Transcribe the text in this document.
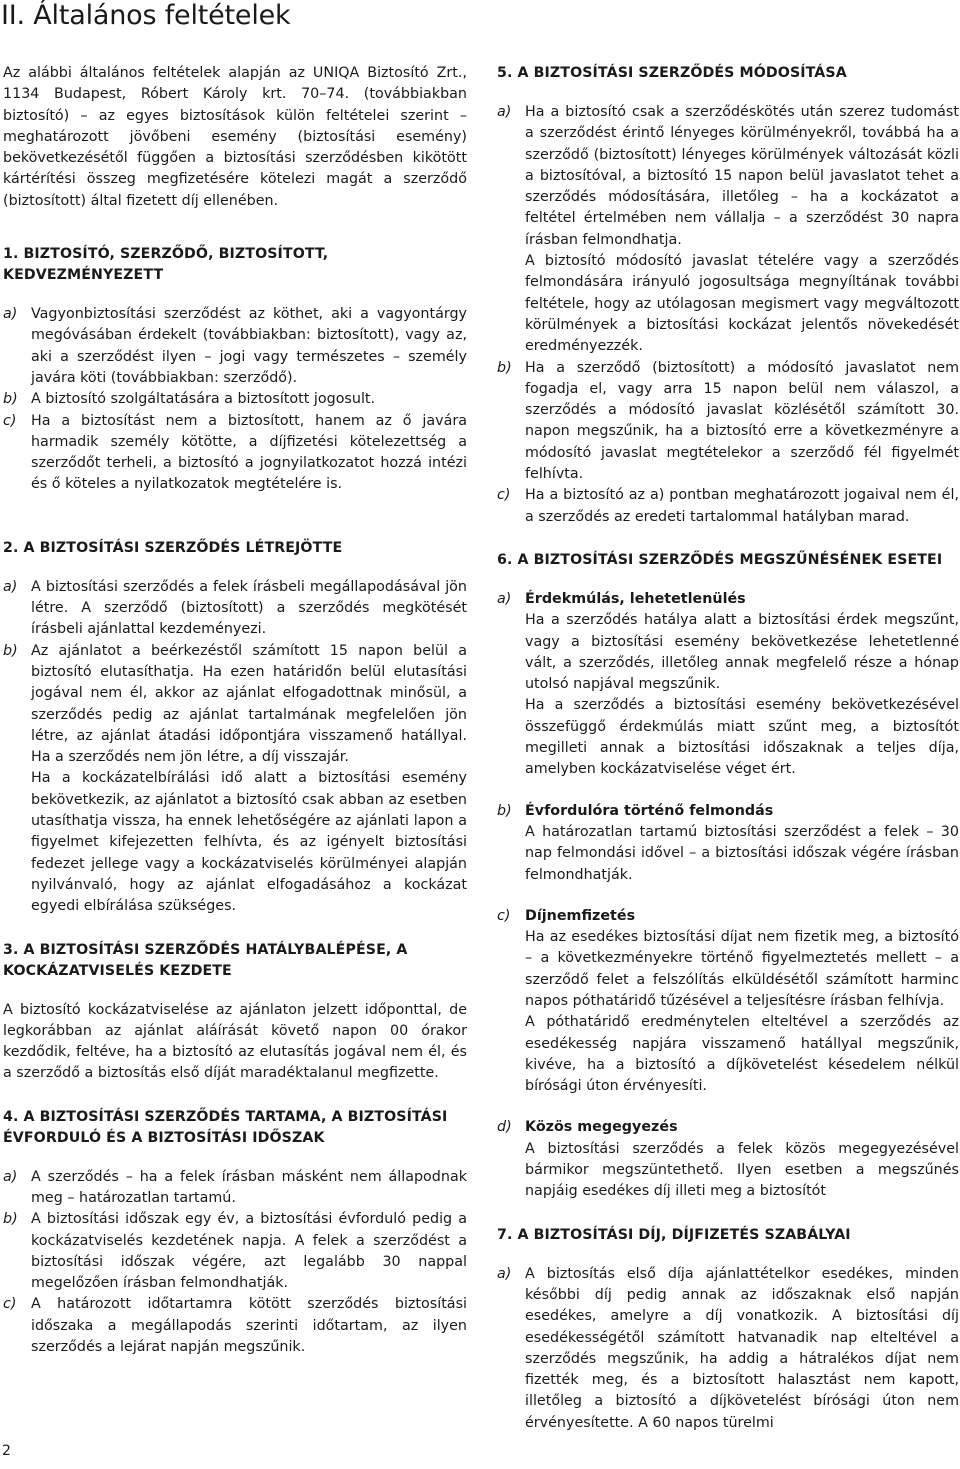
II. Általános feltételek

Az alábbi általános feltételek alapján az UNIQA Biztosító Zrt., 1134 Budapest, Róbert Károly krt. 70–74. (továbbiakban biztosító) – az egyes biztosítások külön feltételei szerint – meghatározott jövőbeni esemény (biztosítási esemény) bekövetkezésétől függően a biztosítási szerződésben kikötött kártérítési összeg megfizetésére kötelezi magát a szerződő (biztosított) által fizetett díj ellenében.

1. BIZTOSÍTÓ, SZERZŐDŐ, BIZTOSÍTOTT, KEDVEZMÉNYEZETT

a) Vagyonbiztosítási szerződést az köthet, aki a vagyontárgy megóvásában érdekelt (továbbiakban: biztosított), vagy az, aki a szerződést ilyen – jogi vagy természetes – személy javára köti (továbbiakban: szerződő).
b) A biztosító szolgáltatására a biztosított jogosult.
c)	Ha a biztosítást nem a biztosított, hanem az ő javára harmadik személy kötötte, a díjfizetési kötelezettség a szerződőt terheli, a biztosító a jognyilatkozatot hozzá intézi és ő köteles a nyilatkozatok megtételére is.

2. A BIZTOSÍTÁSI SZERZŐDÉS LÉTREJÖTTE

a) A biztosítási szerződés a felek írásbeli megállapodásával jön létre. A szerződő (biztosított) a szerződés megkötését írásbeli ajánlattal kezdeményezi.
b) Az ajánlatot a beérkezéstől számított 15 napon belül a biztosító elutasíthatja. Ha ezen határidőn belül elutasítási jogával nem él, akkor az ajánlat elfogadottnak minősül, a szerződés pedig az ajánlat tartalmának megfelelően jön létre, az ajánlat átadási időpontjára visszamenő hatállyal. Ha a szerződés nem jön létre, a díj visszajár.
Ha a kockázatelbírálási idő alatt a biztosítási esemény bekövetkezik, az ajánlatot a biztosító csak abban az esetben utasíthatja vissza, ha ennek lehetőségére az ajánlati lapon a figyelmet kifejezetten felhívta, és az igényelt biztosítási fedezet jellege vagy a kockázatviselés körülményei alapján nyilvánvaló, hogy az ajánlat elfogadásához a kockázat egyedi elbírálása szükséges.

3. A BIZTOSÍTÁSI SZERZŐDÉS HATÁLYBALÉPÉSE, A KOCKÁZATVISELÉS KEZDETE

A biztosító kockázatviselése az ajánlaton jelzett időponttal, de legkorábban az ajánlat aláírását követő napon 00 órakor kezdődik, feltéve, ha a biztosító az elutasítás jogával nem él, és a szerződő a biztosítás első díját maradéktalanul megfizette.

4. A BIZTOSÍTÁSI SZERZŐDÉS TARTAMA, A BIZTOSÍTÁSI ÉVFORDULÓ ÉS A BIZTOSÍTÁSI IDŐSZAK

a) A szerződés – ha a felek írásban másként nem állapodnak meg – határozatlan tartamú.
b) A biztosítási időszak egy év, a biztosítási évforduló pedig a kockázatviselés kezdetének napja. A felek a szerződést a biztosítási időszak végére, azt legalább 30 nappal megelőzően írásban felmondhatják.
c)	A határozott időtartamra kötött szerződés biztosítási időszaka a megállapodás szerinti időtartam, az ilyen szerződés a lejárat napján megszűnik.

5. A BIZTOSÍTÁSI SZERZŐDÉS MÓDOSÍTÁSA

a) Ha a biztosító csak a szerződéskötés után szerez tudomást a szerződést érintő lényeges körülményekről, továbbá ha a szerződő (biztosított) lényeges körülmények változását közli a biztosítóval, a biztosító 15 napon belül javaslatot tehet a szerződés módosítására, illetőleg – ha a kockázatot a feltétel értelmében nem vállalja – a szerződést 30 napra írásban felmondhatja.
A biztosító módosító javaslat tételére vagy a szerződés felmondására irányuló jogosultsága megnyíltának további feltétele, hogy az utólagosan megismert vagy megváltozott körülmények a biztosítási kockázat jelentős növekedését eredményezzék.
b) Ha a szerződő (biztosított) a módosító javaslatot nem fogadja el, vagy arra 15 napon belül nem válaszol, a szerződés a módosító javaslat közlésétől számított 30. napon megszűnik, ha a biztosító erre a következményre a módosító javaslat megtételekor a szerződő fél figyelmét felhívta.
c)	Ha a biztosító az a) pontban meghatározott jogaival nem él, a szerződés az eredeti tartalommal hatályban marad.

6. A BIZTOSÍTÁSI SZERZŐDÉS MEGSZŰNÉSÉNEK ESETEI

a) Érdekmúlás, lehetetlenülés
Ha a szerződés hatálya alatt a biztosítási érdek megszűnt, vagy a biztosítási esemény bekövetkezése lehetetlenné vált, a szerződés, illetőleg annak megfelelő része a hónap utolsó napjával megszűnik.
Ha a szerződés a biztosítási esemény bekövetkezésével összefüggő érdekmúlás miatt szűnt meg, a biztosítót megilleti annak a biztosítási időszaknak a teljes díja, amelyben kockázatviselése véget ért.
b) Évfordulóra történő felmondás
A határozatlan tartamú biztosítási szerződést a felek – 30 nap felmondási idővel – a biztosítási időszak végére írásban felmondhatják.
c)	Díjnemfizetés
Ha az esedékes biztosítási díjat nem fizetik meg, a biztosító – a következményekre történő figyelmeztetés mellett – a szerződő felet a felszólítás elküldésétől számított harminc napos póthatáridő tűzésével a teljesítésre írásban felhívja.
A póthatáridő eredménytelen elteltével a szerződés az esedékesség napjára visszamenő hatállyal megszűnik, kivéve, ha a biztosító a díjkövetelést késedelem nélkül bírósági úton érvényesíti.
d) Közös megegyezés
A biztosítási szerződés a felek közös megegyezésével bármikor megszüntethető. Ilyen esetben a megszűnés napjáig esedékes díj illeti meg a biztosítót

7. A BIZTOSÍTÁSI DÍJ, DÍJFIZETÉS SZABÁLYAI

a) A biztosítás első díja ajánlattételkor esedékes, minden későbbi díj pedig annak az időszaknak első napján esedékes, amelyre a díj vonatkozik. A biztosítási díj esedékességétől számított hatvanadik nap elteltével a szerződés megszűnik, ha addig a hátralékos díjat nem fizették meg, és a biztosított halasztást nem kapott, illetőleg a biztosító a díjkövetelést bírósági úton nem érvényesítette. A 60 napos türelmi
2
